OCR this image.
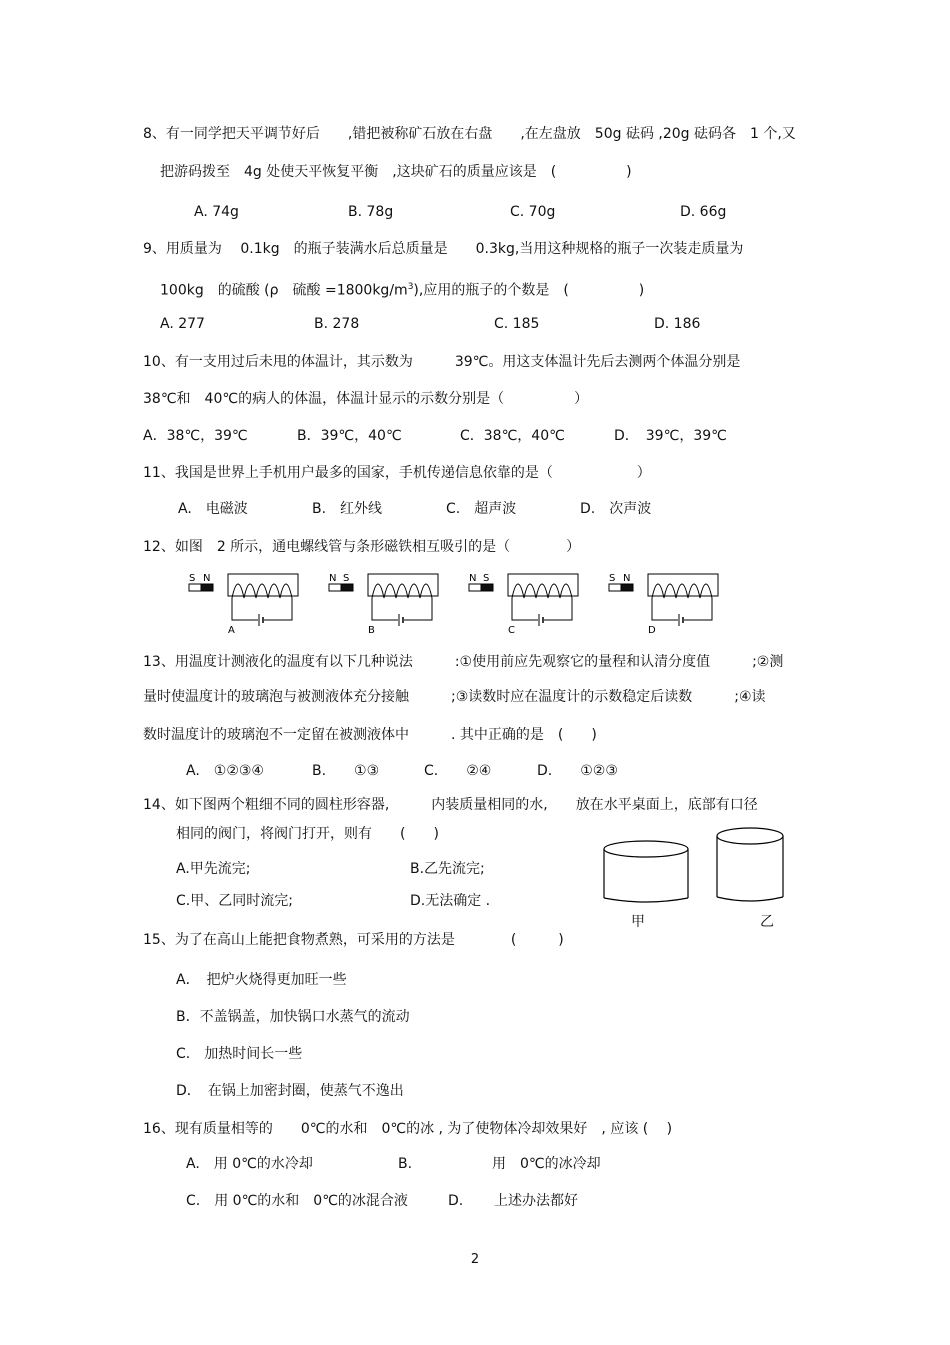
8、有一同学把天平调节好后　　,错把被称矿石放在右盘　　,在左盘放　50g 砝码 ,20g 砝码各　1 个,又
把游码拨至　4g 处使天平恢复平衡　,这块矿石的质量应该是　(　　　　　)
A. 74g	B. 78g	C. 70g	D. 66g
9、用质量为　 0.1kg　的瓶子装满水后总质量是　　0.3kg,当用这种规格的瓶子一次装走质量为
100kg　的硫酸 (ρ　硫酸 $=1800kg/m^3$),应用的瓶子的个数是　(　　　　　)
A. 277	B. 278	C. 185	D. 186
10、有一支用过后未甩的体温计，其示数为　　　39℃。用这支体温计先后去测两个体温分别是
38℃和　40℃的病人的体温，体温计显示的示数分别是（　　　　　）
A．38℃，39℃	B．39℃，40℃	C．38℃，40℃	D．　39℃，39℃
11、我国是世界上手机用户最多的国家，手机传递信息依靠的是（　　　　　　）
A.　电磁波	B.　红外线	C.　超声波	D.　次声波
12、如图　2 所示，通电螺线管与条形磁铁相互吸引的是（　　　　）
S N
A
N S
B
N S
C
S N
D
13、用温度计测液化的温度有以下几种说法　　　:①使用前应先观察它的量程和认清分度值　　　;②测
量时使温度计的玻璃泡与被测液体充分接触　　　;③读数时应在温度计的示数稳定后读数　　　;④读
数时温度计的玻璃泡不一定留在被测液体中　　　. 其中正确的是　(　　)
A.　①②③④	B.　　①③	C.　　②④	D.　　①②③
14、如下图两个粗细不同的圆柱形容器,　　　内装质量相同的水,　　放在水平桌面上，底部有口径
相同的阀门，将阀门打开，则有　　(　　)
A.甲先流完;	B.乙先流完;
C.甲、乙同时流完;	D.无法确定 .
甲	乙
15、为了在高山上能把食物煮熟，可采用的方法是　　　　(　　　)
A．　把炉火烧得更加旺一些
B．不盖锅盖，加快锅口水蒸气的流动
C.　加热时间长一些
D．　在锅上加密封圈，使蒸气不逸出
16、现有质量相等的　　0℃的水和　0℃的冰 , 为了使物体冷却效果好　, 应该 (　 )
A.　用 0℃的水冷却	B.	用　0℃的冰冷却
C.　用 0℃的水和　0℃的冰混合液	D. 上述办法都好
2
